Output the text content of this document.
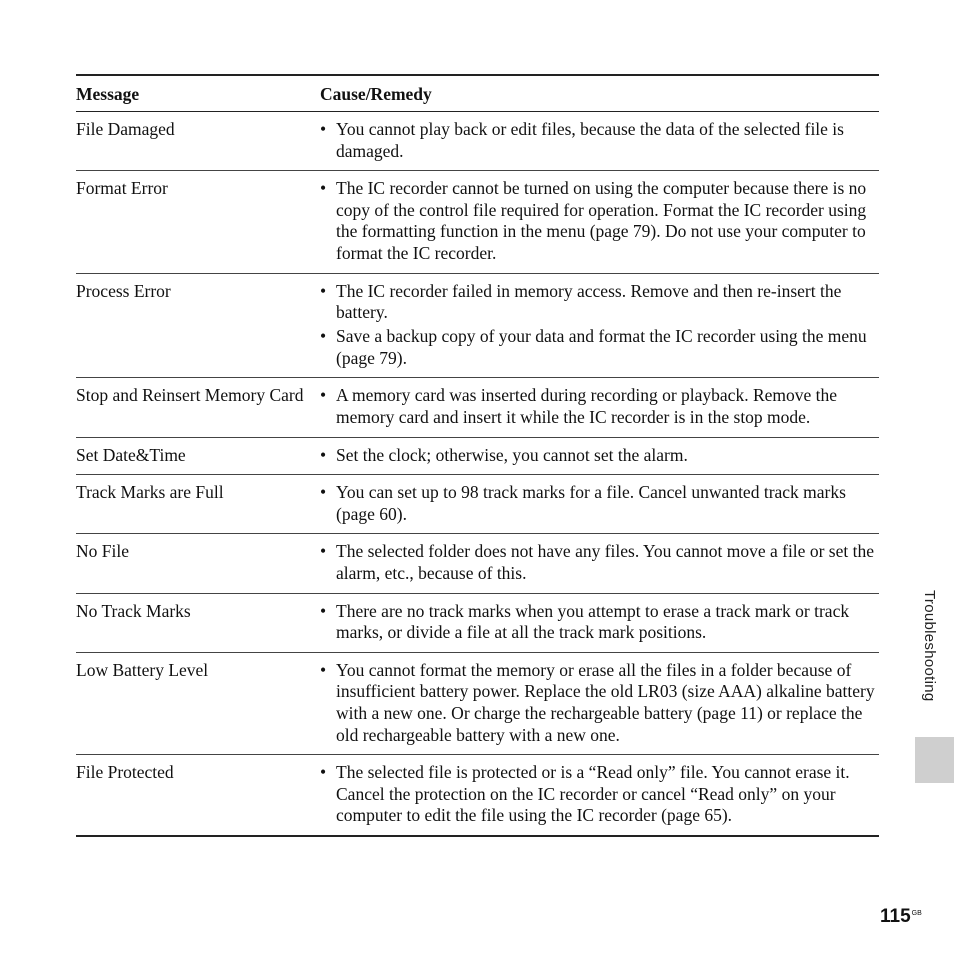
Message	Cause/Remedy
File Damaged	• You cannot play back or edit files, because the data of the selected file is damaged.
Format Error	• The IC recorder cannot be turned on using the computer because there is no copy of the control file required for operation. Format the IC recorder using the formatting function in the menu (page 79). Do not use your computer to format the IC recorder.
Process Error	• The IC recorder failed in memory access. Remove and then re-insert the battery.
• Save a backup copy of your data and format the IC recorder using the menu (page 79).
Stop and Reinsert Memory Card	• A memory card was inserted during recording or playback. Remove the memory card and insert it while the IC recorder is in the stop mode.
Set Date&Time	• Set the clock; otherwise, you cannot set the alarm.
Track Marks are Full	• You can set up to 98 track marks for a file. Cancel unwanted track marks (page 60).
No File	• The selected folder does not have any files. You cannot move a file or set the alarm, etc., because of this.
No Track Marks	• There are no track marks when you attempt to erase a track mark or track marks, or divide a file at all the track mark positions.
Low Battery Level	• You cannot format the memory or erase all the files in a folder because of insufficient battery power. Replace the old LR03 (size AAA) alkaline battery with a new one. Or charge the rechargeable battery (page 11) or replace the old rechargeable battery with a new one.
File Protected	• The selected file is protected or is a “Read only” file. You cannot erase it. Cancel the protection on the IC recorder or cancel “Read only” on your computer to edit the file using the IC recorder (page 65).
Troubleshooting
$115^{GB}$
